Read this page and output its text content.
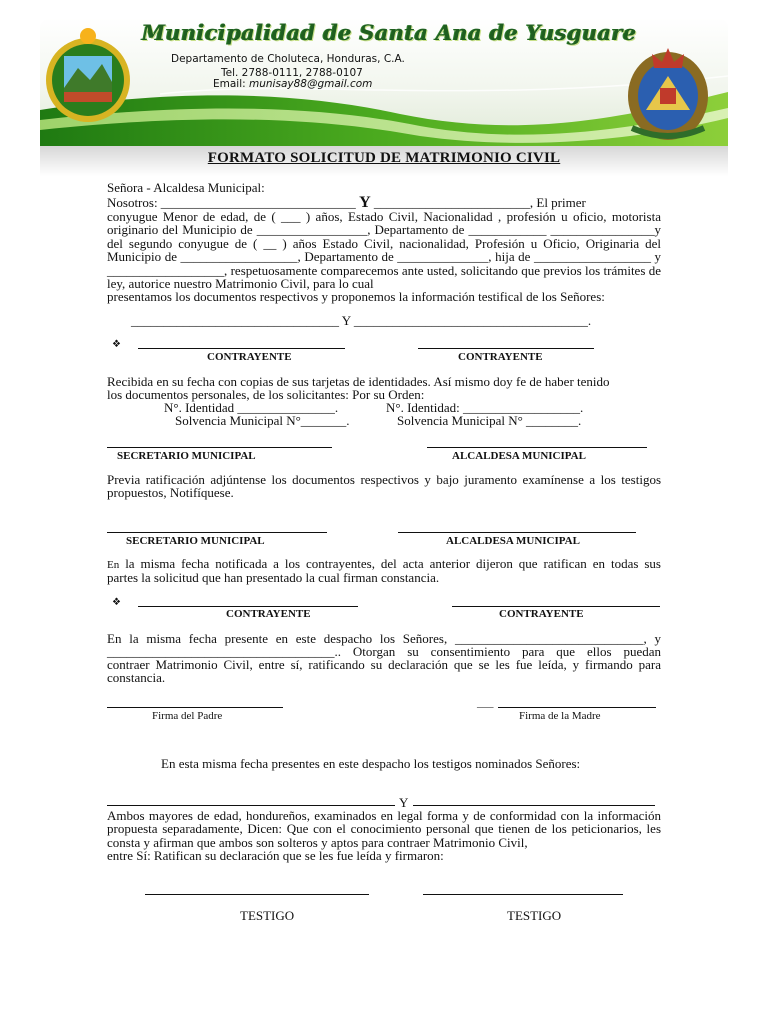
Municipalidad de Santa Ana de Yusguare
Departamento de Choluteca, Honduras, C.A.
Tel. 2788-0111, 2788-0107
Email: munisay88@gmail.com
FORMATO SOLICITUD DE MATRIMONIO CIVIL
Señora - Alcaldesa Municipal:
Nosotros: ______________________________ Y ________________________, El primer
conyugue Menor de edad, de ( ___ ) años, Estado Civil, Nacionalidad , profesión u oficio, motorista originario del Municipio de _________________, Departamento de ____________ ________________y del segundo conyugue de ( __ ) años Estado Civil, nacionalidad, Profesión u Oficio, Originaria del Municipio de __________________, Departamento de ______________, hija de __________________ y __________________, respetuosamente comparecemos ante usted, solicitando que previos los trámites de ley, autorice nuestro Matrimonio Civil, para lo cual
presentamos los documentos respectivos y proponemos la información testifical de los Señores:
________________________________ Y ____________________________________.
❖
CONTRAYENTE	CONTRAYENTE
Recibida en su fecha con copias de sus tarjetas de identidades. Así mismo doy fe de haber tenido
los documentos personales, de los solicitantes: Por su Orden:
N°. Identidad _______________.	N°. Identidad: __________________.
Solvencia Municipal N°_______.	Solvencia Municipal N° ________.
SECRETARIO MUNICIPAL	ALCALDESA MUNICIPAL
Previa ratificación adjúntense los documentos respectivos y bajo juramento examínense a los testigos propuestos, Notifíquese.
SECRETARIO MUNICIPAL	ALCALDESA MUNICIPAL
En la misma fecha notificada a los contrayentes, del acta anterior dijeron que ratifican en todas sus
partes la solicitud que han presentado la cual firman constancia.
❖
CONTRAYENTE	CONTRAYENTE
En la misma fecha presente en este despacho los Señores, _____________________________, y
___________________________________.. Otorgan su consentimiento para que ellos puedan
contraer Matrimonio Civil, entre sí, ratificando su declaración que se les fue leída, y firmando para
constancia.
___
Firma del Padre	Firma de la Madre
En esta misma fecha presentes en este despacho los testigos nominados Señores:
Y
Ambos mayores de edad, hondureños, examinados en legal forma y de conformidad con la información propuesta separadamente, Dicen: Que con el conocimiento personal que tienen de los peticionarios, les consta y afirman que ambos son solteros y aptos para contraer Matrimonio Civil,
entre Sí: Ratifican su declaración que se les fue leída y firmaron:
TESTIGO	TESTIGO
